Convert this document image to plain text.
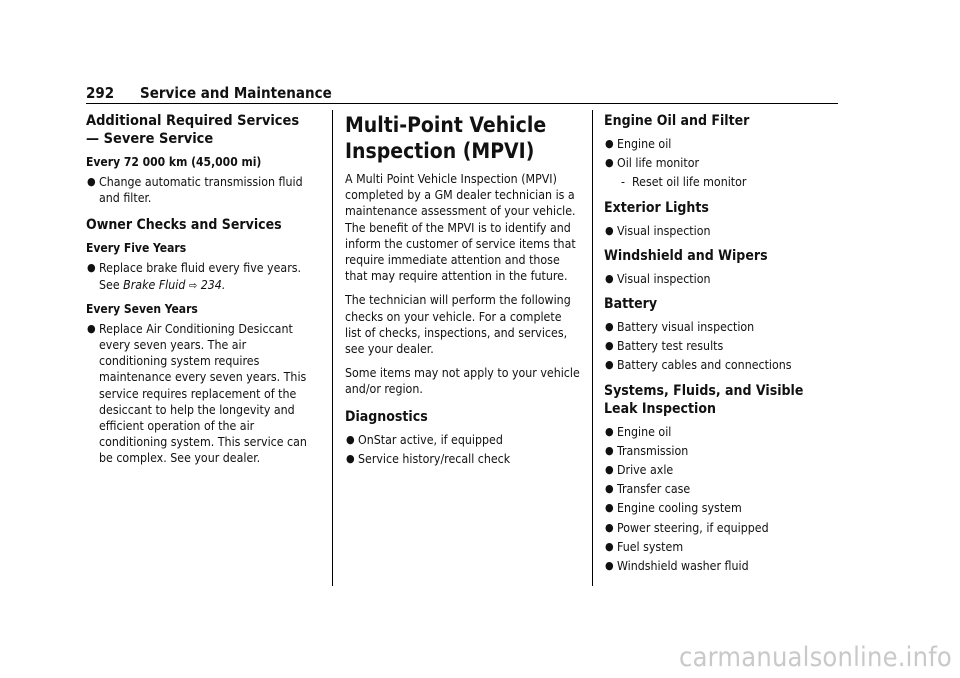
292 Service and Maintenance
Additional Required Services — Severe Service
Every 72 000 km (45,000 mi)
● Change automatic transmission fluid and filter.
Owner Checks and Services
Every Five Years
● Replace brake fluid every five years. See Brake Fluid ⇨ 234.
Every Seven Years
● Replace Air Conditioning Desiccant every seven years. The air conditioning system requires maintenance every seven years. This service requires replacement of the desiccant to help the longevity and efficient operation of the air conditioning system. This service can be complex. See your dealer.
Multi-Point Vehicle Inspection (MPVI)

A Multi Point Vehicle Inspection (MPVI) completed by a GM dealer technician is a maintenance assessment of your vehicle. The benefit of the MPVI is to identify and inform the customer of service items that require immediate attention and those that may require attention in the future.

The technician will perform the following checks on your vehicle. For a complete list of checks, inspections, and services, see your dealer.

Some items may not apply to your vehicle and/or region.

Diagnostics
● OnStar active, if equipped
● Service history/recall check
Engine Oil and Filter
● Engine oil
● Oil life monitor
- Reset oil life monitor
Exterior Lights
● Visual inspection
Windshield and Wipers
● Visual inspection
Battery
● Battery visual inspection
● Battery test results
● Battery cables and connections
Systems, Fluids, and Visible Leak Inspection
● Engine oil
● Transmission
● Drive axle
● Transfer case
● Engine cooling system
● Power steering, if equipped
● Fuel system
● Windshield washer fluid
carmanualsonline.info
